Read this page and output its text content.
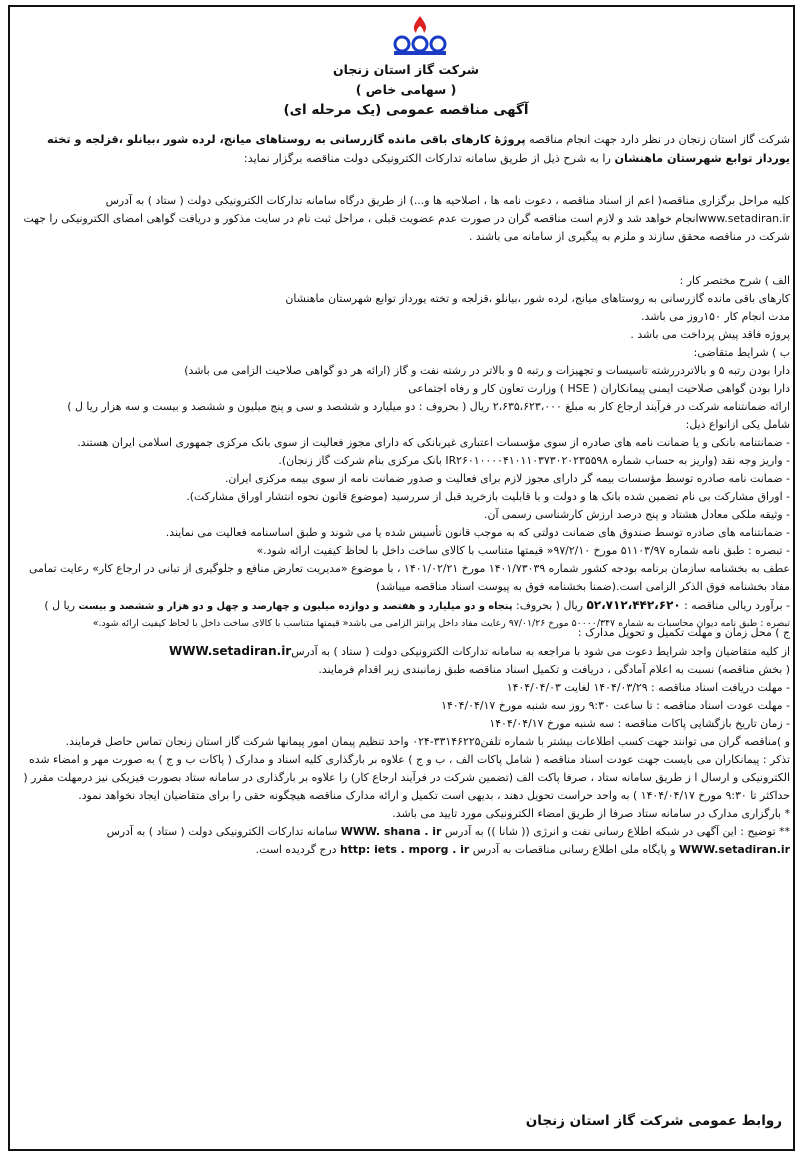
شرکت گاز استان زنجان
( سهامی خاص )
آگهی مناقصه عمومی (یک مرحله ای)
شرکت گاز استان زنجان در نظر دارد جهت انجام مناقصه پروژۀ کارهای باقی مانده گازرسانی به روستاهای میانج، لرده شور ،بیانلو ،قزلجه و تخته یورداز توابع شهرستان ماهنشان را به شرح ذیل از طریق سامانه تدارکات الکترونیکی دولت مناقصه برگزار نماید:
کلیه مراحل برگزاری مناقصه( اعم از اسناد مناقصه ، دعوت نامه ها ، اصلاحیه ها و...) از طریق درگاه سامانه تدارکات الکترونیکی دولت ( ستاد ) به آدرس www.setadiran.irانجام خواهد شد و لازم است مناقصه گران در صورت عدم عضویت قبلی ، مراحل ثبت نام در سایت مذکور و دریافت گواهی امضای الکترونیکی را جهت شرکت در مناقصه محقق سازند و ملزم به پیگیری از سامانه می باشند .

الف ) شرح مختصر کار :

کارهای باقی مانده گازرسانی به روستاهای میانج، لرده شور ،بیانلو ،قزلجه و تخته یورداز توابع شهرستان ماهنشان

مدت انجام کار ۱۵۰روز می باشد.

پروژه فاقد پیش پرداخت می باشد .

ب ) شرایط متقاضی:

دارا بودن رتبه ۵ و بالاتردررشته تاسیسات و تجهیزات و رتبه ۵ و بالاتر در رشته نفت و گاز (ارائه هر دو گواهی صلاحیت الزامی می باشد)

دارا بودن گواهی صلاحیت ایمنی پیمانکاران ( HSE ) وزارت تعاون کار و رفاه اجتماعی

ارائه ضمانتنامه شرکت در فرآیند ارجاع کار به مبلغ ۲،۶۳۵،۶۲۳،۰۰۰ ریال ( بحروف : دو میلیارد و ششصد و سی و پنج میلیون و ششصد و بیست و سه هزار ریا ل )

شامل یکی ازانواع ذیل:

- ضمانتنامه بانکی و یا ضمانت نامه های صادره از سوی مؤسسات اعتباری غیربانکی که دارای مجوز فعالیت از سوی بانک مرکزی جمهوری اسلامی ایران هستند.

- واریز وجه نقد (واریز به حساب شماره IR۲۶۰۱۰۰۰۰۴۱۰۱۱۰۳۷۳۰۲۰۲۳۵۵۹۸ بانک مرکزی بنام شرکت گاز زنجان).

- ضمانت نامه صادره توسط مؤسسات بیمه گر دارای مجوز لازم برای فعالیت و صدور ضمانت نامه از سوی بیمه مرکزی ایران.

- اوراق مشارکت بی نام تضمین شده بانک ها و دولت و با قابلیت بازخرید قبل از سررسید (موضوع قانون نحوه انتشار اوراق مشارکت).

- وثیقه ملکی معادل هشتاد و پنج درصد ارزش کارشناسی رسمی آن.

- ضمانتنامه های صادره توسط صندوق های ضمانت دولتی که به موجب قانون تأسیس شده یا می شوند و طبق اساسنامه فعالیت می نمایند.

- تبصره : طبق نامه شماره ۵۱۱۰۳/۹۷ مورخ ۹۷/۲/۱۰« قیمتها متناسب با کالای ساخت داخل با لحاظ کیفیت ارائه شود.»

عطف به بخشنامه سازمان برنامه بودجه کشور شماره ۱۴۰۱/۷۳۰۳۹ مورخ ۱۴۰۱/۰۲/۲۱ ، با موضوع «مدیریت تعارض منافع و جلوگیری از تبانی در ارجاع کار» رعایت تمامی مفاد بخشنامه فوق الذکر الزامی است.(ضمنا بخشنامه فوق به پیوست اسناد مناقصه میباشد)

- برآورد ریالی مناقصه : ۵۲،۷۱۲،۴۴۲،۶۲۰ ریال ( بحروف: پنجاه و دو میلیارد و هفتصد و دوازده میلیون و چهارصد و چهل و دو هزار و ششصد و بیست ریا ل )

تبصره : طبق نامه دیوان محاسبات به شماره ۵۰۰۰۰/۳۴۷ مورخ ۹۷/۰۱/۲۶ رعایت مفاد داخل پرانتز الزامی می باشد« قیمتها متناسب با کالای ساخت داخل با لحاظ کیفیت ارائه شود.»

ج ) محل زمان و مهلت تکمیل و تحویل مدارک :

از کلیه متقاضیان واجد شرایط دعوت می شود با مراجعه به سامانه تدارکات الکترونیکی دولت ( ستاد ) به آدرسWWW.setadiran.ir

( بخش مناقصه) نسبت به اعلام آمادگی ، دریافت و تکمیل اسناد مناقصه طبق زمانبندی زیر اقدام فرمایند.

- مهلت دریافت اسناد مناقصه : ۱۴۰۴/۰۳/۲۹ لغایت ۱۴۰۴/۰۴/۰۳

- مهلت عودت اسناد مناقصه : تا ساعت ۹:۳۰ روز سه شنبه مورخ ۱۴۰۴/۰۴/۱۷

- زمان تاریخ بازگشایی پاکات مناقصه : سه شنبه مورخ ۱۴۰۴/۰۴/۱۷

و )مناقصه گران می توانند جهت کسب اطلاعات بیشتر با شماره تلفن۳۳۱۴۶۲۲۵-۰۲۴ واحد تنظیم پیمان امور پیمانها شرکت گاز استان زنجان تماس حاصل فرمایند.

تذکر : پیمانکاران می بایست جهت عودت اسناد مناقصه ( شامل پاکات الف ، ب و ج ) علاوه بر بارگذاری کلیه اسناد و مدارک ( پاکات ب و ج ) به صورت مهر و امضاء شده الکترونیکی و ارسال ا ز طریق سامانه ستاد ، صرفا پاکت الف (تضمین شرکت در فرآیند ارجاع کار) را علاوه بر بارگذاری در سامانه ستاد بصورت فیزیکی نیز درمهلت مقرر ( حداکثر تا ۹:۳۰ مورخ ۱۴۰۴/۰۴/۱۷ ) به واحد حراست تحویل دهند ، بدیهی است تکمیل و ارائه مدارک مناقصه هیچگونه حقی را برای متقاضیان ایجاد نخواهد نمود.

* بارگزاری مدارک در سامانه ستاد صرفا از طریق امضاء الکترونیکی مورد تایید می باشد.

** توضیح : این آگهی در شبکه اطلاع رسانی نفت و انرژی (( شانا )) به آدرس WWW. shana . ir سامانه تدارکات الکترونیکی دولت ( ستاد ) به آدرس WWW.setadiran.ir و پایگاه ملی اطلاع رسانی مناقصات به آدرس http: iets . mporg . ir درج گردیده است.

روابط عمومی شرکت گاز استان زنجان
